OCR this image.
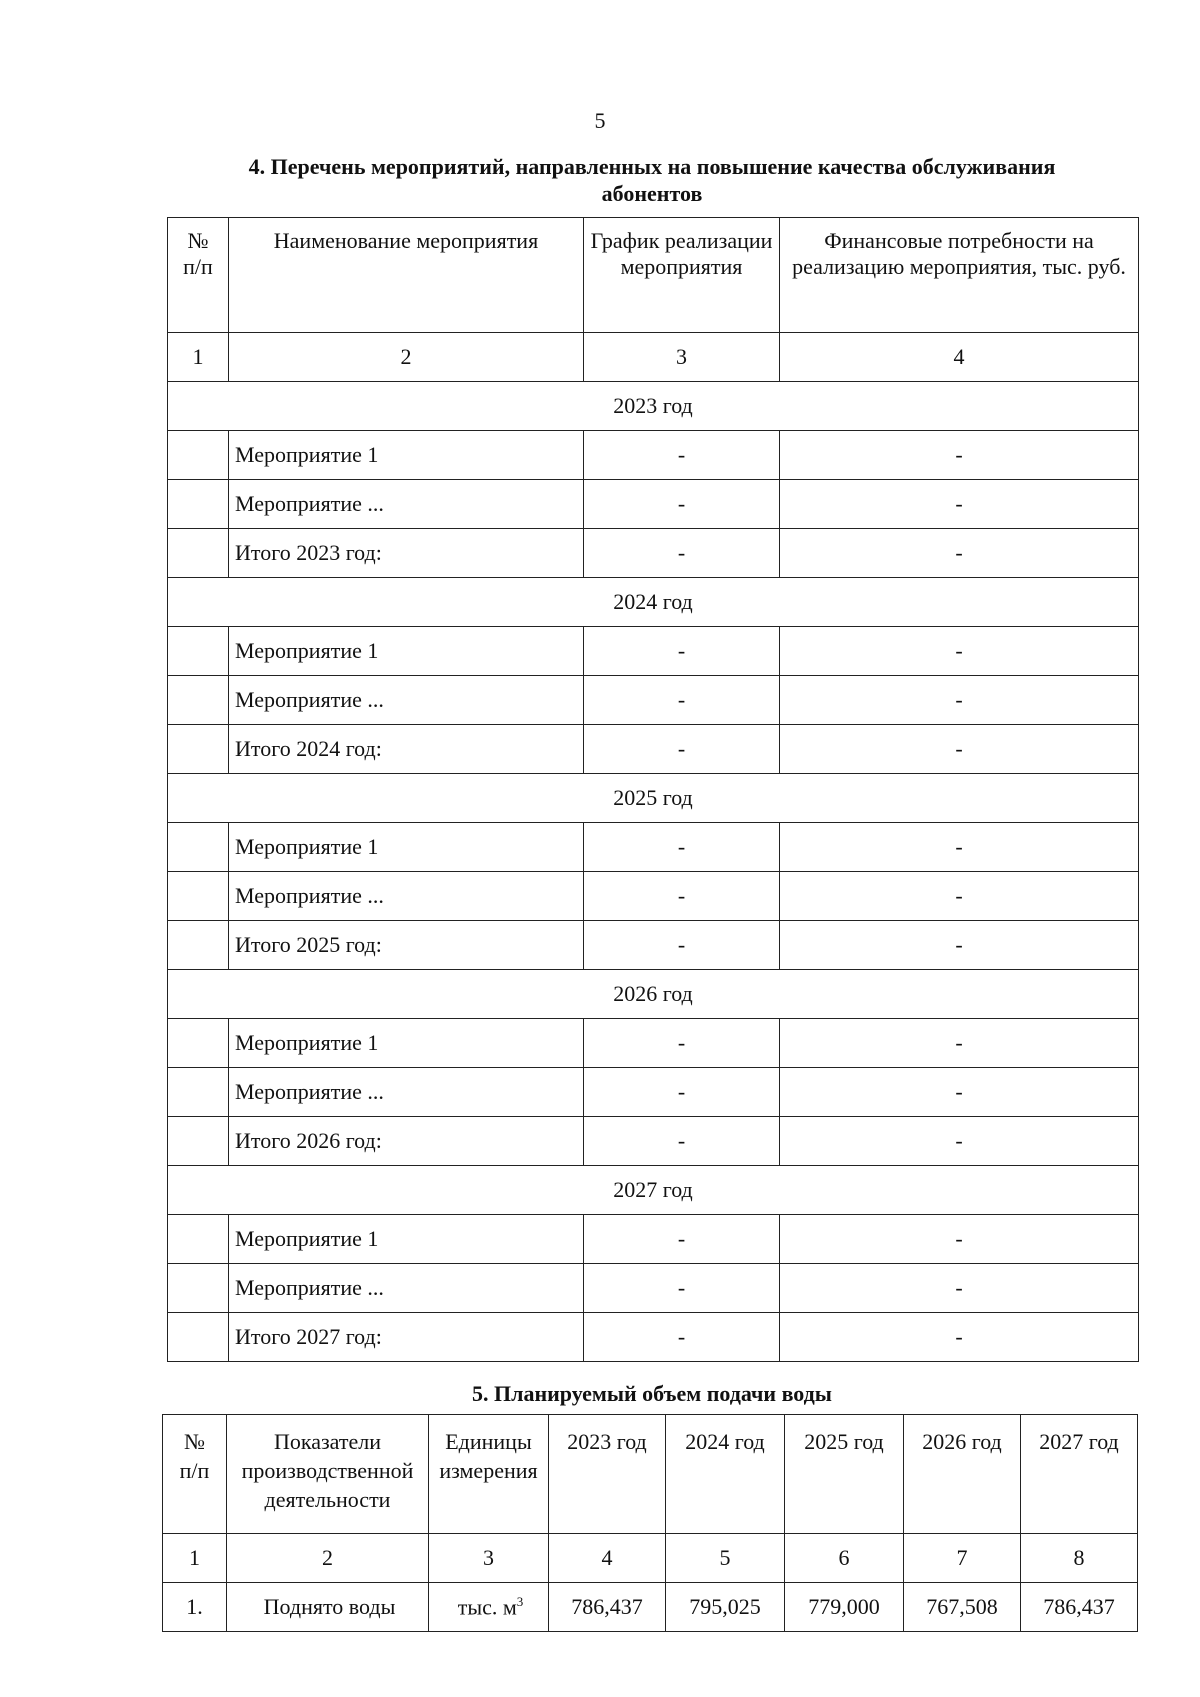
5
4. Перечень мероприятий, направленных на повышение качества обслуживания
абонентов
№ п/п	Наименование мероприятия	График реализации мероприятия	Финансовые потребности на реализацию мероприятия, тыс. руб.
1	2	3	4
2023 год			
	Мероприятие 1	-	-
	Мероприятие ...	-	-
	Итого 2023 год:	-	-
2024 год			
	Мероприятие 1	-	-
	Мероприятие ...	-	-
	Итого 2024 год:	-	-
2025 год			
	Мероприятие 1	-	-
	Мероприятие ...	-	-
	Итого 2025 год:	-	-
2026 год			
	Мероприятие 1	-	-
	Мероприятие ...	-	-
	Итого 2026 год:	-	-
2027 год			
	Мероприятие 1	-	-
	Мероприятие ...	-	-
	Итого 2027 год:	-	-
5. Планируемый объем подачи воды
№ п/п	Показатели производственной деятельности	Единицы измерения	2023 год	2024 год	2025 год	2026 год	2027 год
1	2	3	4	5	6	7	8
1.	Поднято воды	тыс. $м^3$	786,437	795,025	779,000	767,508	786,437
